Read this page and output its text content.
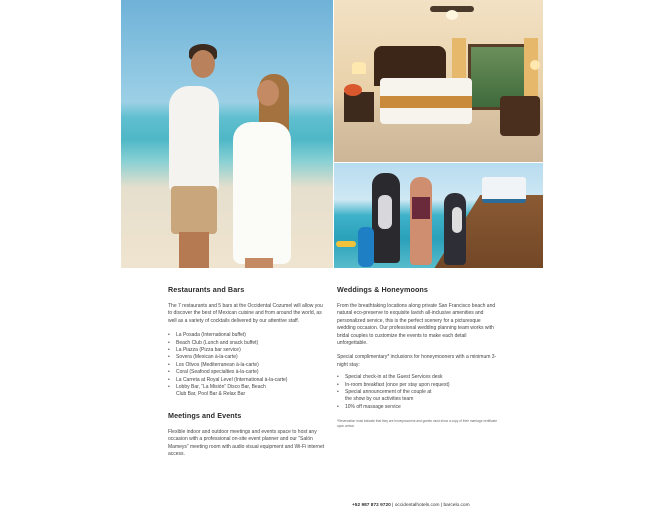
Restaurants and Bars

The 7 restaurants and 5 bars at the Occidental Cozumel will allow you to discover the best of Mexican cuisine and from around the world, as well as a variety of cocktails delivered by our attentive staff.

• La Posada (International buffet)
• Beach Club (Lunch and snack buffet)
• La Piazza (Pizza bar service)
• Sovera (Mexican à-la-carte)
• Los Olivos (Mediterranean à-la-carte)
• Coral (Seafood specialties à-la-carte)
• La Carreta at Royal Level (International à-la-carte)
• Lobby Bar, “La Misión” Disco Bar, Beach
Club Bar, Pool Bar & Relax Bar
Meetings and Events

Flexible indoor and outdoor meetings and events space to host any occasion with a professional on-site event planner and our “Salón Mameys” meeting room with audio visual equipment and Wi-Fi internet access.

Weddings & Honeymoons

From the breathtaking locations along private San Francisco beach and natural eco-preserve to exquisite lavish all-inclusive amenities and personalized service, this is the perfect scenery for a picturesque wedding occasion. Our professional wedding planning team works with bridal couples to customize the events to make each detail unforgettable.

Special complimentary* inclusions for honeymooners with a minimum 3-night stay:

• Special check-in at the Guest Services desk
• In-room breakfast (once per stay upon request)
• Special announcement of the couple at
the show by our activities team
• 10% off massage service

*Reservation must indicate that they are honeymooners and guests must show a copy of their marriage certificate upon arrival.

+52 987 872 9720 | occidentalhotels.com | barcelo.com
